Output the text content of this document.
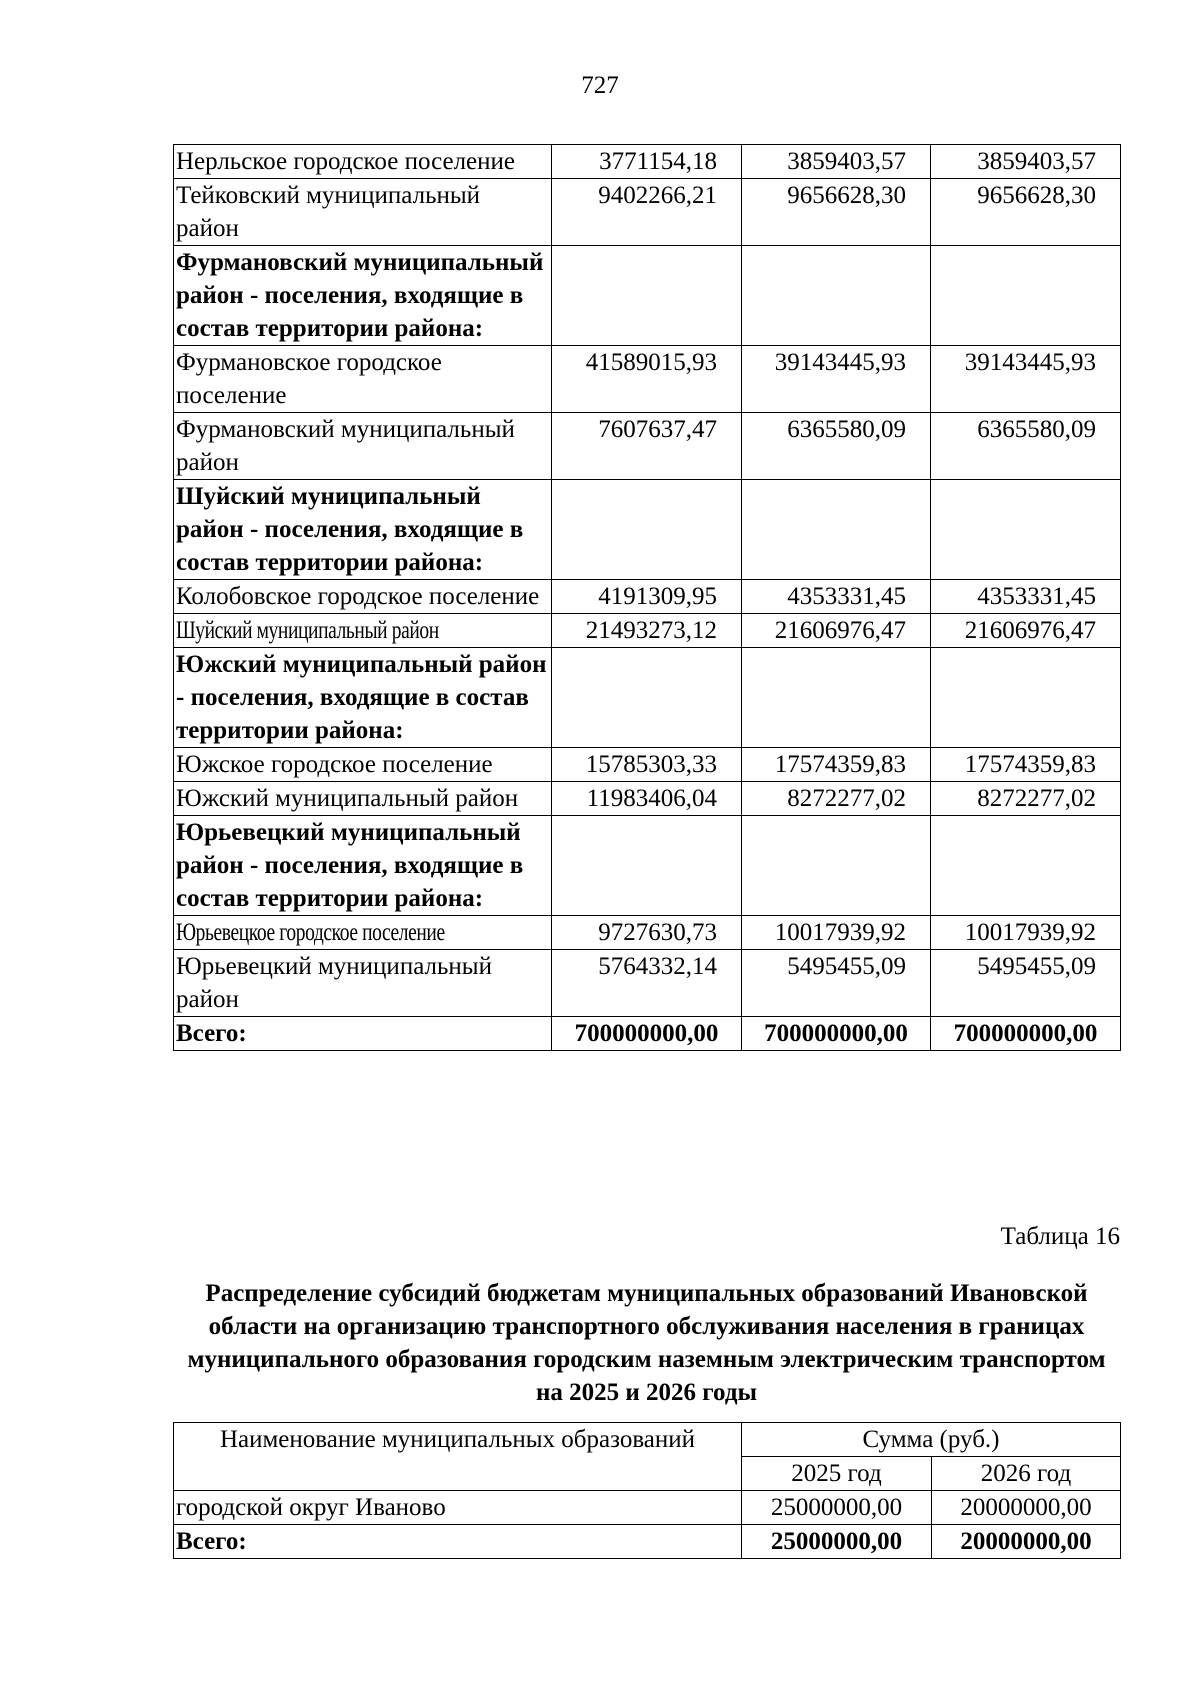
727
Нерльское городское поселение	3771154,18	3859403,57	3859403,57
Тейковский муниципальный район	9402266,21	9656628,30	9656628,30
Фурмановский муниципальный район - поселения, входящие в состав территории района:			
Фурмановское городское поселение	41589015,93	39143445,93	39143445,93
Фурмановский муниципальный район	7607637,47	6365580,09	6365580,09
Шуйский муниципальный район - поселения, входящие в состав территории района:			
Колобовское городское поселение	4191309,95	4353331,45	4353331,45
Шуйский муниципальный район	21493273,12	21606976,47	21606976,47
Южский муниципальный район - поселения, входящие в состав территории района:			
Южское городское поселение	15785303,33	17574359,83	17574359,83
Южский муниципальный район	11983406,04	8272277,02	8272277,02
Юрьевецкий муниципальный район - поселения, входящие в состав территории района:			
Юрьевецкое городское поселение	9727630,73	10017939,92	10017939,92
Юрьевецкий муниципальный район	5764332,14	5495455,09	5495455,09
Всего:	700000000,00	700000000,00	700000000,00
Таблица 16
Распределение субсидий бюджетам муниципальных образований Ивановской области на организацию транспортного обслуживания населения в границах муниципального образования городским наземным электрическим транспортом на 2025 и 2026 годы
Наименование муниципальных образований	Сумма (руб.)	
	2025 год	2026 год
городской округ Иваново	25000000,00	20000000,00
Всего:	25000000,00	20000000,00
